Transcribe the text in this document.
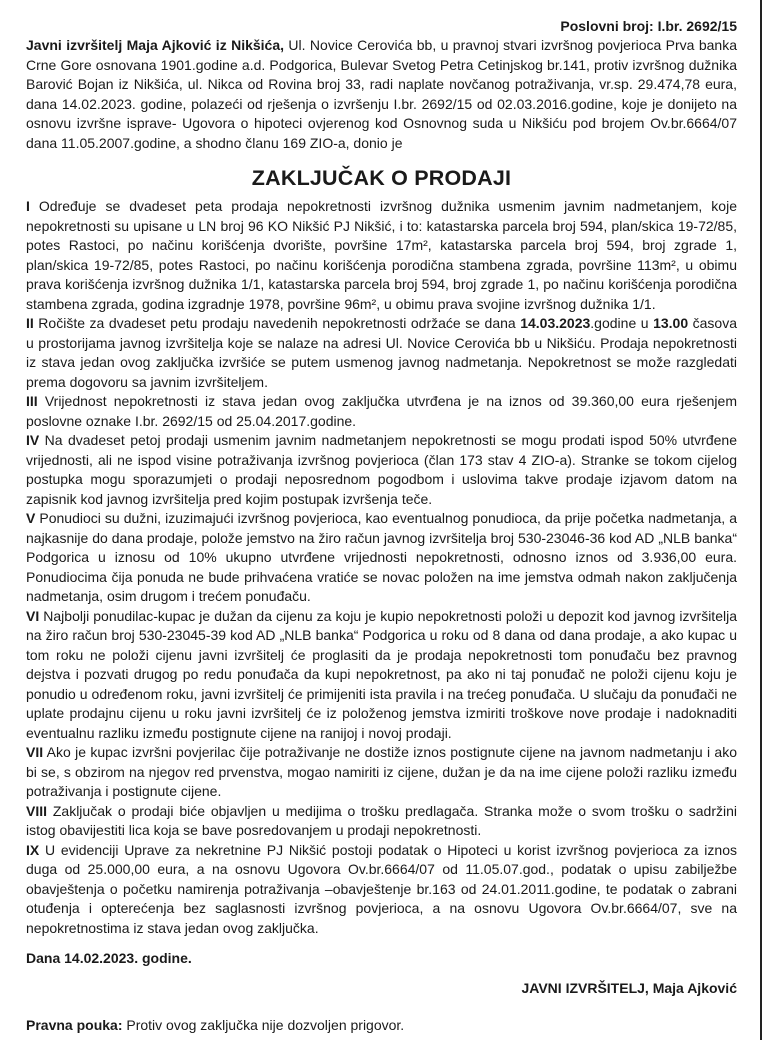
Poslovni broj: I.br. 2692/15

Javni izvršitelj Maja Ajković iz Nikšića, Ul. Novice Cerovića bb, u pravnoj stvari izvršnog povjerioca Prva banka Crne Gore osnovana 1901.godine a.d. Podgorica, Bulevar Svetog Petra Cetinjskog br.141, protiv izvršnog dužnika Barović Bojan iz Nikšića, ul. Nikca od Rovina broj 33, radi naplate novčanog potraživanja, vr.sp. 29.474,78 eura, dana 14.02.2023. godine, polazeći od rješenja o izvršenju I.br. 2692/15 od 02.03.2016.godine, koje je donijeto na osnovu izvršne isprave- Ugovora o hipoteci ovjerenog kod Osnovnog suda u Nikšiću pod brojem Ov.br.6664/07 dana 11.05.2007.godine, a shodno članu 169 ZIO-a, donio je

ZAKLJUČAK O PRODAJI

I Određuje se dvadeset peta prodaja nepokretnosti izvršnog dužnika usmenim javnim nadmetanjem, koje nepokretnosti su upisane u LN broj 96 KO Nikšić PJ Nikšić, i to: katastarska parcela broj 594, plan/skica 19-72/85, potes Rastoci, po načinu korišćenja dvorište, površine 17m², katastarska parcela broj 594, broj zgrade 1, plan/skica 19-72/85, potes Rastoci, po načinu korišćenja porodična stambena zgrada, površine 113m², u obimu prava korišćenja izvršnog dužnika 1/1, katastarska parcela broj 594, broj zgrade 1, po načinu korišćenja porodična stambena zgrada, godina izgradnje 1978, površine 96m², u obimu prava svojine izvršnog dužnika 1/1.

II Ročište za dvadeset petu prodaju navedenih nepokretnosti održaće se dana 14.03.2023.godine u 13.00 časova u prostorijama javnog izvršitelja koje se nalaze na adresi Ul. Novice Cerovića bb u Nikšiću. Prodaja nepokretnosti iz stava jedan ovog zaključka izvršiće se putem usmenog javnog nadmetanja. Nepokretnost se može razgledati prema dogovoru sa javnim izvršiteljem.

III Vrijednost nepokretnosti iz stava jedan ovog zaključka utvrđena je na iznos od 39.360,00 eura rješenjem poslovne oznake I.br. 2692/15 od 25.04.2017.godine.

IV Na dvadeset petoj prodaji usmenim javnim nadmetanjem nepokretnosti se mogu prodati ispod 50% utvrđene vrijednosti, ali ne ispod visine potraživanja izvršnog povjerioca (član 173 stav 4 ZIO-a). Stranke se tokom cijelog postupka mogu sporazumjeti o prodaji neposrednom pogodbom i uslovima takve prodaje izjavom datom na zapisnik kod javnog izvršitelja pred kojim postupak izvršenja teče.

V Ponudioci su dužni, izuzimajući izvršnog povjerioca, kao eventualnog ponudioca, da prije početka nadmetanja, a najkasnije do dana prodaje, polože jemstvo na žiro račun javnog izvršitelja broj 530-23046-36 kod AD „NLB banka“ Podgorica u iznosu od 10% ukupno utvrđene vrijednosti nepokretnosti, odnosno iznos od 3.936,00 eura. Ponudiocima čija ponuda ne bude prihvaćena vratiće se novac položen na ime jemstva odmah nakon zaključenja nadmetanja, osim drugom i trećem ponuđaču.

VI Najbolji ponudilac-kupac je dužan da cijenu za koju je kupio nepokretnosti položi u depozit kod javnog izvršitelja na žiro račun broj 530-23045-39 kod AD „NLB banka“ Podgorica u roku od 8 dana od dana prodaje, a ako kupac u tom roku ne položi cijenu javni izvršitelj će proglasiti da je prodaja nepokretnosti tom ponuđaču bez pravnog dejstva i pozvati drugog po redu ponuđača da kupi nepokretnost, pa ako ni taj ponuđač ne položi cijenu koju je ponudio u određenom roku, javni izvršitelj će primijeniti ista pravila i na trećeg ponuđača. U slučaju da ponuđači ne uplate prodajnu cijenu u roku javni izvršitelj će iz položenog jemstva izmiriti troškove nove prodaje i nadoknaditi eventualnu razliku između postignute cijene na ranijoj i novoj prodaji.

VII Ako je kupac izvršni povjerilac čije potraživanje ne dostiže iznos postignute cijene na javnom nadmetanju i ako bi se, s obzirom na njegov red prvenstva, mogao namiriti iz cijene, dužan je da na ime cijene položi razliku između potraživanja i postignute cijene.

VIII Zaključak o prodaji biće objavljen u medijima o trošku predlagača. Stranka može o svom trošku o sadržini istog obavijestiti lica koja se bave posredovanjem u prodaji nepokretnosti.

IX U evidenciji Uprave za nekretnine PJ Nikšić postoji podatak o Hipoteci u korist izvršnog povjerioca za iznos duga od 25.000,00 eura, a na osnovu Ugovora Ov.br.6664/07 od 11.05.07.god., podatak o upisu zabilježbe obavještenja o početku namirenja potraživanja –obavještenje br.163 od 24.01.2011.godine, te podatak o zabrani otuđenja i opterećenja bez saglasnosti izvršnog povjerioca, a na osnovu Ugovora Ov.br.6664/07, sve na nepokretnostima iz stava jedan ovog zaključka.

Dana 14.02.2023. godine.
JAVNI IZVRŠITELJ, Maja Ajković
Pravna pouka: Protiv ovog zaključka nije dozvoljen prigovor.
